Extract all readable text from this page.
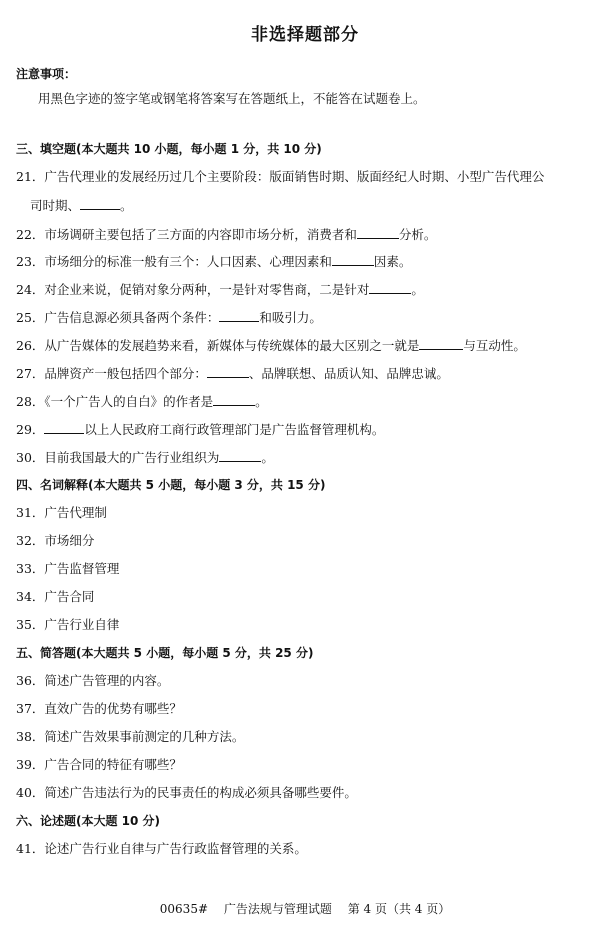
非选择题部分
注意事项：
用黑色字迹的签字笔或钢笔将答案写在答题纸上，不能答在试题卷上。
三、填空题(本大题共 10 小题，每小题 1 分，共 10 分)
21．广告代理业的发展经历过几个主要阶段：版面销售时期、版面经纪人时期、小型广告代理公
司时期、	。
22．市场调研主要包括了三方面的内容即市场分析，消费者和	分析。
23．市场细分的标准一般有三个：人口因素、心理因素和	因素。
24．对企业来说，促销对象分两种，一是针对零售商，二是针对	。
25．广告信息源必须具备两个条件：	和吸引力。
26．从广告媒体的发展趋势来看，新媒体与传统媒体的最大区别之一就是	与互动性。
27．品牌资产一般包括四个部分：	、品牌联想、品质认知、品牌忠诚。
28．《一个广告人的自白》的作者是	。
29．	以上人民政府工商行政管理部门是广告监督管理机构。
30．目前我国最大的广告行业组织为	。
四、名词解释(本大题共 5 小题，每小题 3 分，共 15 分)
31．广告代理制
32．市场细分
33．广告监督管理
34．广告合同
35．广告行业自律
五、简答题(本大题共 5 小题，每小题 5 分，共 25 分)
36．简述广告管理的内容。
37．直效广告的优势有哪些？
38．简述广告效果事前测定的几种方法。
39．广告合同的特征有哪些？
40．简述广告违法行为的民事责任的构成必须具备哪些要件。
六、论述题(本大题 10 分)
41．论述广告行业自律与广告行政监督管理的关系。
00635# 广告法规与管理试题 第 4 页（共 4 页）
